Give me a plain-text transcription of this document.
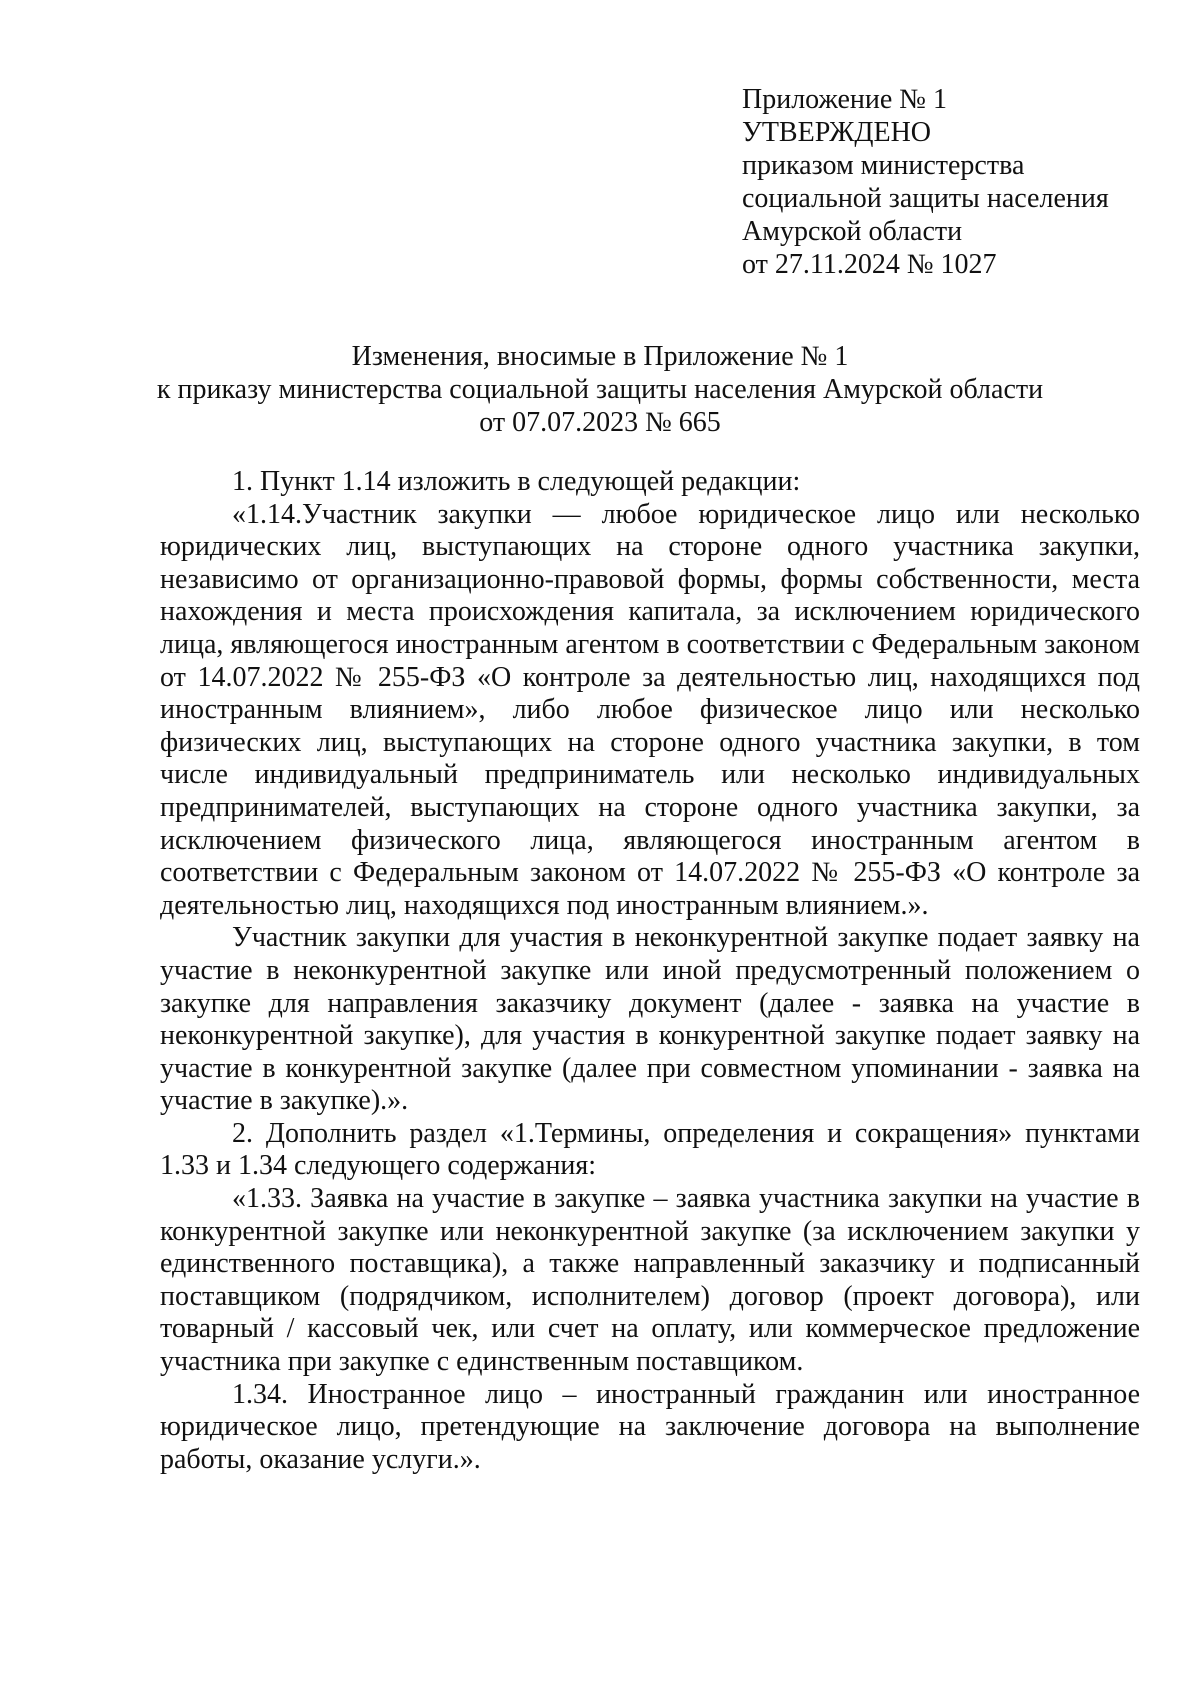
Приложение № 1
УТВЕРЖДЕНО
приказом министерства
социальной защиты населения
Амурской области
от 27.11.2024 № 1027
Изменения, вносимые в Приложение № 1
к приказу министерства социальной защиты населения Амурской области
от 07.07.2023 № 665

1. Пункт 1.14 изложить в следующей редакции:

«1.14.Участник закупки — любое юридическое лицо или несколько юридических лиц, выступающих на стороне одного участника закупки, независимо от организационно-правовой формы, формы собственности, места нахождения и места происхождения капитала, за исключением юридического лица, являющегося иностранным агентом в соответствии с Федеральным законом от 14.07.2022 № 255-ФЗ «О контроле за деятельностью лиц, находящихся под иностранным влиянием», либо любое физическое лицо или несколько физических лиц, выступающих на стороне одного участника закупки, в том числе индивидуальный предприниматель или несколько индивидуальных предпринимателей, выступающих на стороне одного участника закупки, за исключением физического лица, являющегося иностранным агентом в соответствии с Федеральным законом от 14.07.2022 № 255-ФЗ «О контроле за деятельностью лиц, находящихся под иностранным влиянием.».

Участник закупки для участия в неконкурентной закупке подает заявку на участие в неконкурентной закупке или иной предусмотренный положением о закупке для направления заказчику документ (далее - заявка на участие в неконкурентной закупке), для участия в конкурентной закупке подает заявку на участие в конкурентной закупке (далее при совместном упоминании - заявка на участие в закупке).».

2. Дополнить раздел «1.Термины, определения и сокращения» пунктами 1.33 и 1.34 следующего содержания:

«1.33. Заявка на участие в закупке – заявка участника закупки на участие в конкурентной закупке или неконкурентной закупке (за исключением закупки у единственного поставщика), а также направленный заказчику и подписанный поставщиком (подрядчиком, исполнителем) договор (проект договора), или товарный / кассовый чек, или счет на оплату, или коммерческое предложение участника при закупке с единственным поставщиком.

1.34. Иностранное лицо – иностранный гражданин или иностранное юридическое лицо, претендующие на заключение договора на выполнение работы, оказание услуги.».
